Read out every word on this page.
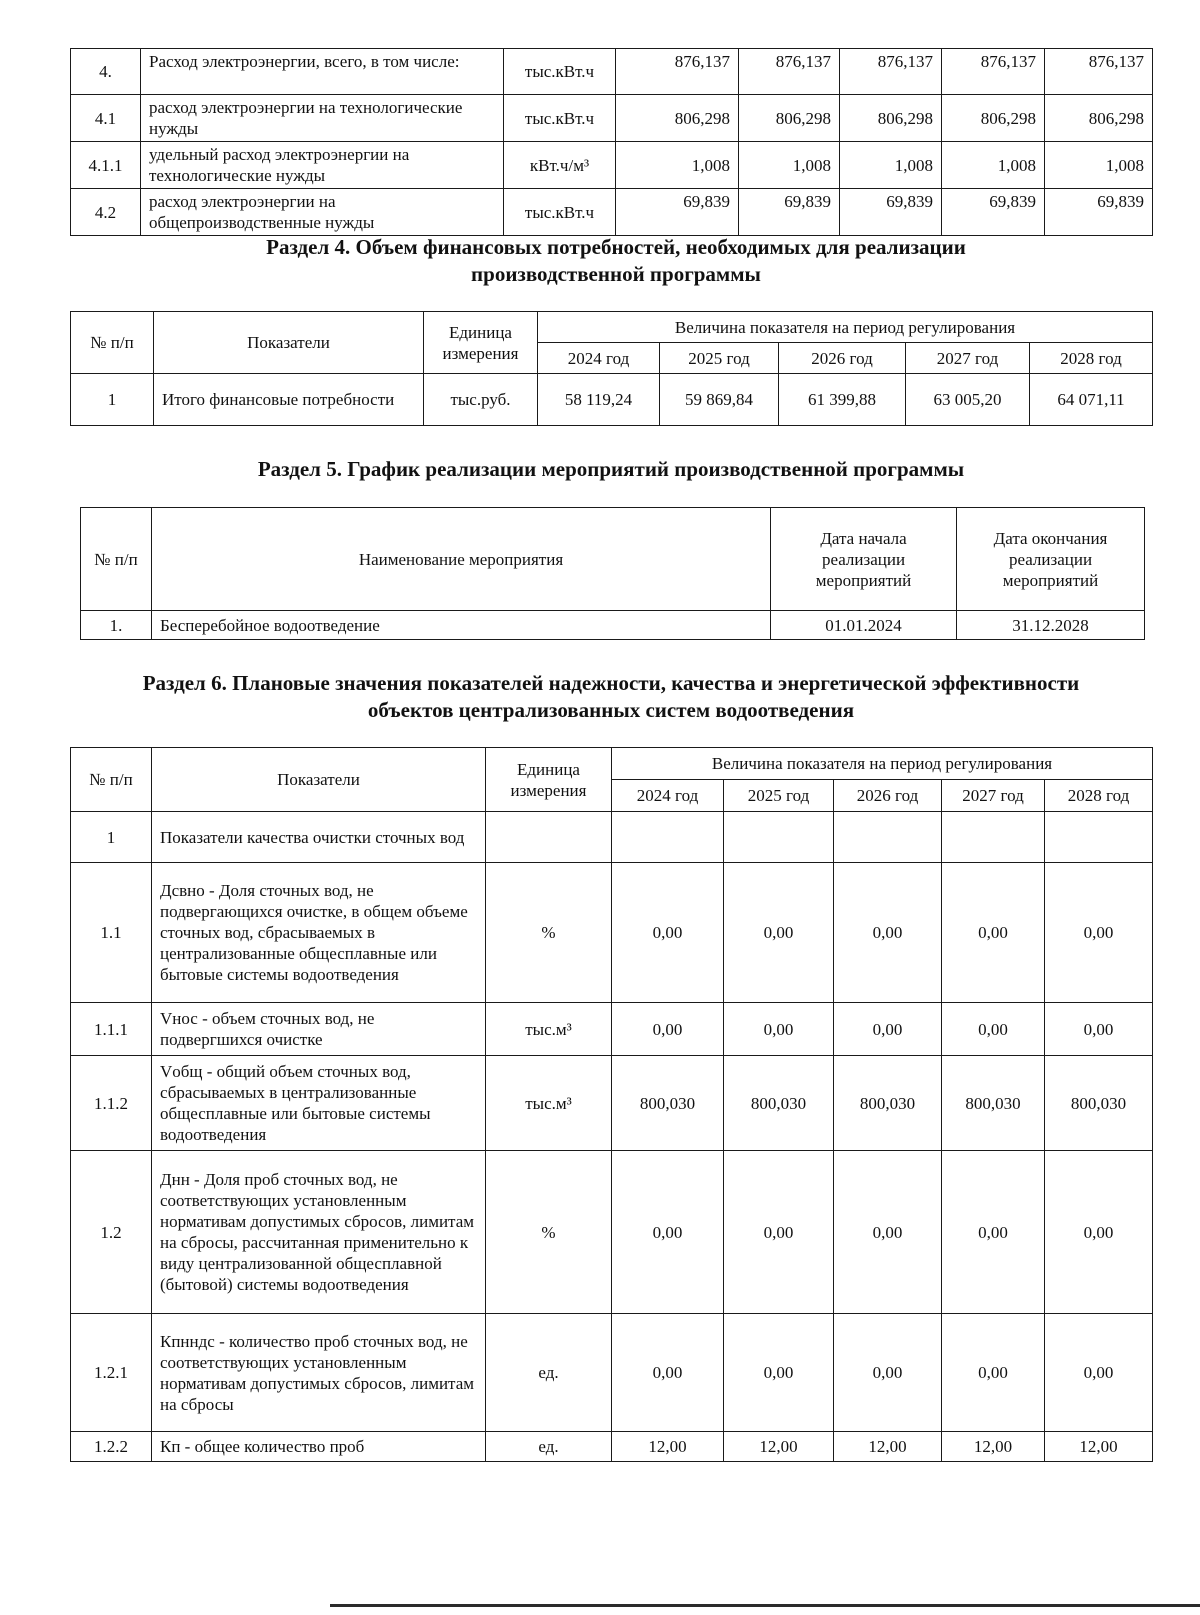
4.	Расход электроэнергии, всего, в том числе:	тыс.кВт.ч	876,137	876,137	876,137	876,137	876,137
4.1	расход электроэнергии на технологические нужды	тыс.кВт.ч	806,298	806,298	806,298	806,298	806,298
4.1.1	удельный расход электроэнергии на технологические нужды	кВт.ч/м³	1,008	1,008	1,008	1,008	1,008
4.2	расход электроэнергии на общепроизводственные нужды	тыс.кВт.ч	69,839	69,839	69,839	69,839	69,839
Раздел 4. Объем финансовых потребностей, необходимых для реализации производственной программы
№ п/п	Показатели	Единица измерения	Величина показателя на период регулирования				
			2024 год	2025 год	2026 год	2027 год	2028 год
1	Итого финансовые потребности	тыс.руб.	58 119,24	59 869,84	61 399,88	63 005,20	64 071,11
Раздел 5. График реализации мероприятий производственной программы
№ п/п	Наименование мероприятия	Дата начала реализации мероприятий	Дата окончания реализации мероприятий
1.	Бесперебойное водоотведение	01.01.2024	31.12.2028
Раздел 6. Плановые значения показателей надежности, качества и энергетической эффективности объектов централизованных систем водоотведения
№ п/п	Показатели	Единица измерения	Величина показателя на период регулирования				
			2024 год	2025 год	2026 год	2027 год	2028 год
1	Показатели качества очистки сточных вод						
1.1	Дсвно - Доля сточных вод, не подвергающихся очистке, в общем объеме сточных вод, сбрасываемых в централизованные общесплавные или бытовые системы водоотведения	%	0,00	0,00	0,00	0,00	0,00
1.1.1	Vнос - объем сточных вод, не подвергшихся очистке	тыс.м³	0,00	0,00	0,00	0,00	0,00
1.1.2	Vобщ - общий объем сточных вод, сбрасываемых в централизованные общесплавные или бытовые системы водоотведения	тыс.м³	800,030	800,030	800,030	800,030	800,030
1.2	Днн - Доля проб сточных вод, не соответствующих установленным нормативам допустимых сбросов, лимитам на сбросы, рассчитанная применительно к виду централизованной общесплавной (бытовой) системы водоотведения	%	0,00	0,00	0,00	0,00	0,00
1.2.1	Кпнндс - количество проб сточных вод, не соответствующих установленным нормативам допустимых сбросов, лимитам на сбросы	ед.	0,00	0,00	0,00	0,00	0,00
1.2.2	Кп - общее количество проб	ед.	12,00	12,00	12,00	12,00	12,00
